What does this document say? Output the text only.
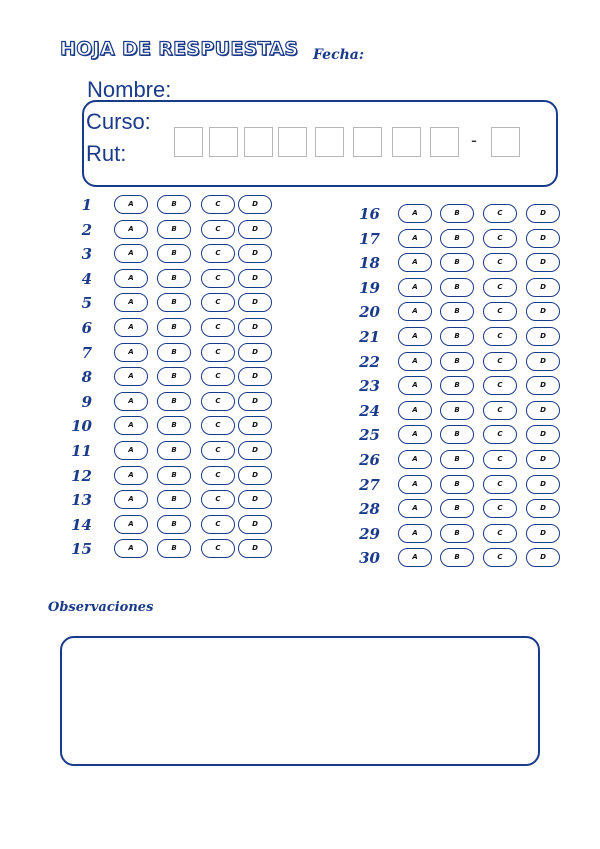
HOJA DE RESPUESTAS Fecha:
Nombre:
Curso:
Rut:
-
1	A	B	C	D
2	A	B	C	D
3	A	B	C	D
4	A	B	C	D
5	A	B	C	D
6	A	B	C	D
7	A	B	C	D
8	A	B	C	D
9	A	B	C	D
10	A	B	C	D
11	A	B	C	D
12	A	B	C	D
13	A	B	C	D
14	A	B	C	D
15	A	B	C	D
16	A	B	C	D
17	A	B	C	D
18	A	B	C	D
19	A	B	C	D
20	A	B	C	D
21	A	B	C	D
22	A	B	C	D
23	A	B	C	D
24	A	B	C	D
25	A	B	C	D
26	A	B	C	D
27	A	B	C	D
28	A	B	C	D
29	A	B	C	D
30	A	B	C	D
Observaciones
